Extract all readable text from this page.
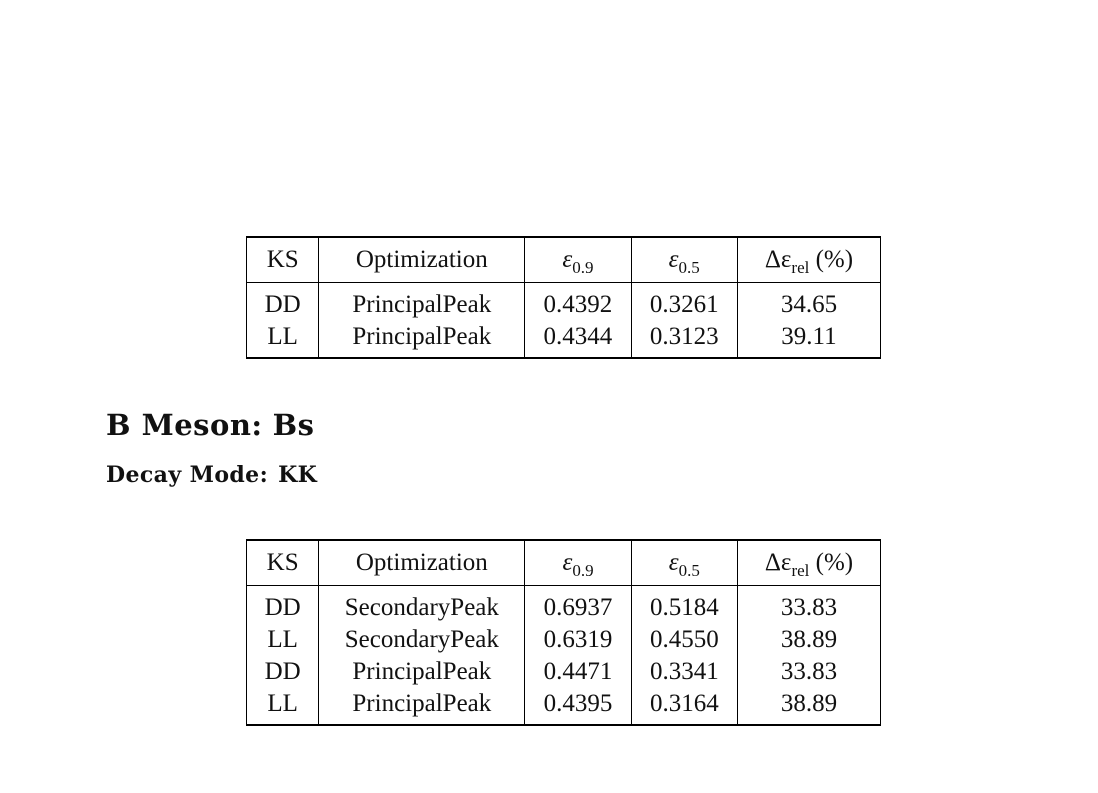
KS	Optimization	$\varepsilon_{0.9}$	$\varepsilon_{0.5}$	$\Delta\varepsilon_{rel}$ (%)
DD	PrincipalPeak	0.4392	0.3261	34.65
LL	PrincipalPeak	0.4344	0.3123	39.11
B Meson: Bs
Decay Mode: KK
KS	Optimization	$\varepsilon_{0.9}$	$\varepsilon_{0.5}$	$\Delta\varepsilon_{rel}$ (%)
DD	SecondaryPeak	0.6937	0.5184	33.83
LL	SecondaryPeak	0.6319	0.4550	38.89
DD	PrincipalPeak	0.4471	0.3341	33.83
LL	PrincipalPeak	0.4395	0.3164	38.89
